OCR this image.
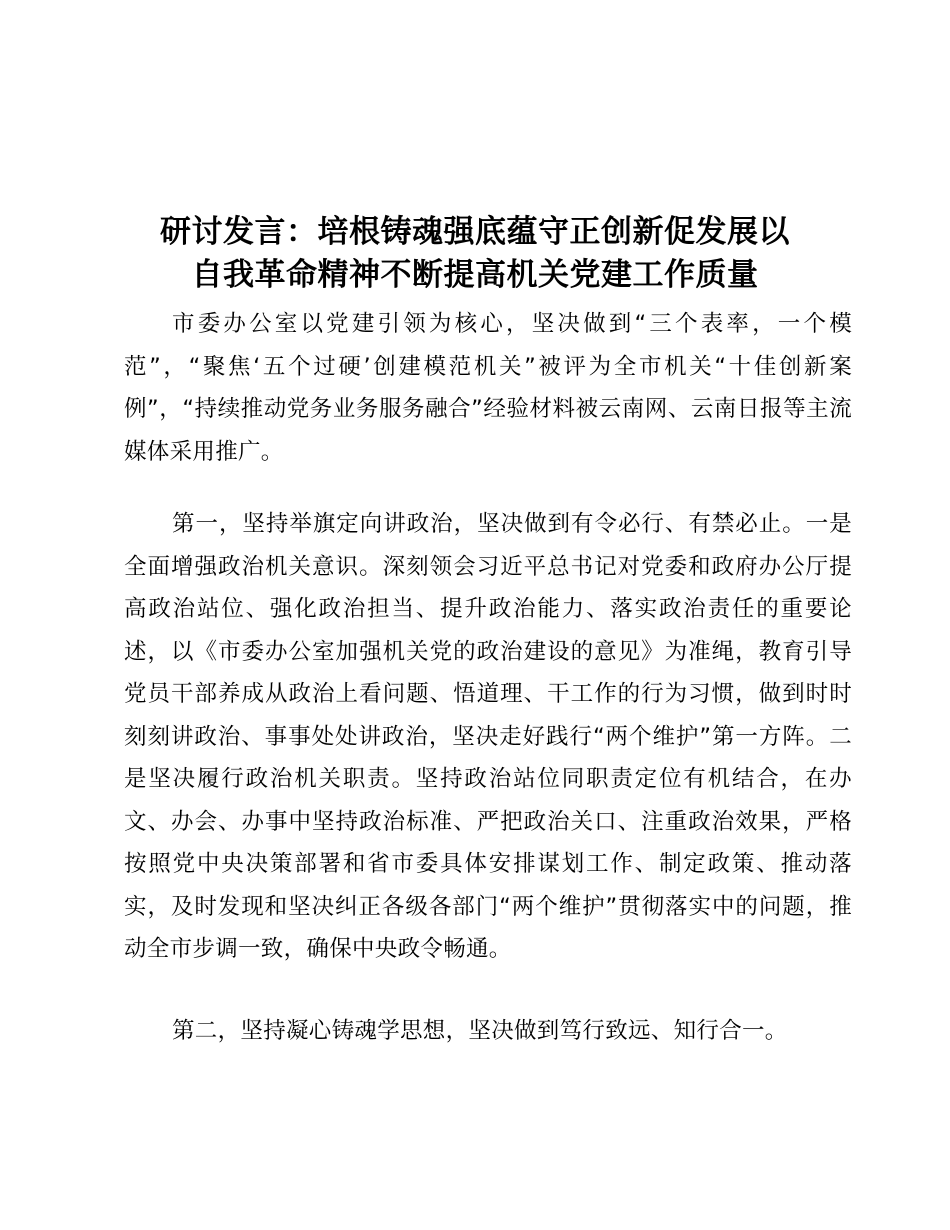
研讨发言：培根铸魂强底蕴守正创新促发展以
自我革命精神不断提高机关党建工作质量

市委办公室以党建引领为核心，坚决做到“三个表率，一个模范”，“聚焦‘五个过硬’创建模范机关”被评为全市机关“十佳创新案例”，“持续推动党务业务服务融合”经验材料被云南网、云南日报等主流媒体采用推广。

第一，坚持举旗定向讲政治，坚决做到有令必行、有禁必止。一是全面增强政治机关意识。深刻领会习近平总书记对党委和政府办公厅提高政治站位、强化政治担当、提升政治能力、落实政治责任的重要论述，以《市委办公室加强机关党的政治建设的意见》为准绳，教育引导党员干部养成从政治上看问题、悟道理、干工作的行为习惯，做到时时刻刻讲政治、事事处处讲政治，坚决走好践行“两个维护”第一方阵。二是坚决履行政治机关职责。坚持政治站位同职责定位有机结合，在办文、办会、办事中坚持政治标准、严把政治关口、注重政治效果，严格按照党中央决策部署和省市委具体安排谋划工作、制定政策、推动落实，及时发现和坚决纠正各级各部门“两个维护”贯彻落实中的问题，推动全市步调一致，确保中央政令畅通。

第二，坚持凝心铸魂学思想，坚决做到笃行致远、知行合一。
